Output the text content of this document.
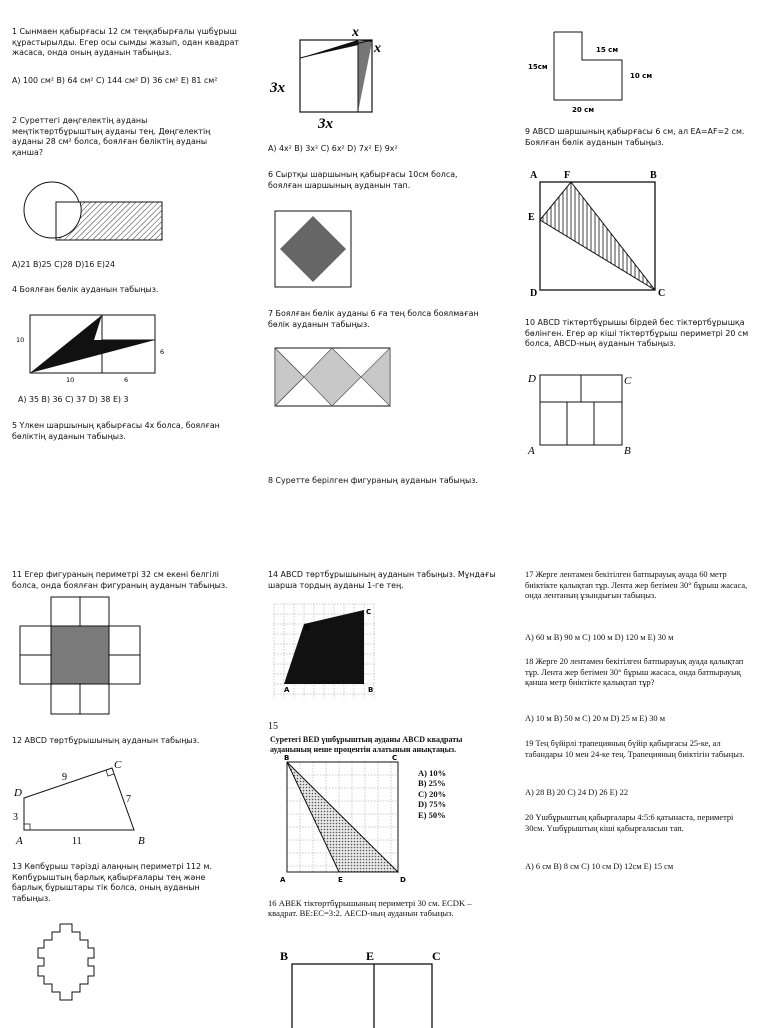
1 Сынмаен қабырғасы 12 см теңқабырғалы үшбұрыш құрастырылды. Егер осы сымды жазып, одан квадрат жасаса, онда оның ауданын табыңыз.

А) 100 см² В) 64 см² С) 144 см² D) 36 см² Е) 81 см²

2 Суреттегі дөңгелектің ауданы меңтіктөртбұрыштың ауданы тең. Дөңгелектің ауданы 28 см² болса, боялған бөліктің ауданы қанша?

А)21 В)25 С)28 D)16 Е)24

4 Боялған бөлік ауданын табыңыз.

10
6
10	6

А) 35 В) 36 С) 37 D) 38 Е) 3

5 Үлкен шаршының қабырғасы 4х болса, боялған бөліктің ауданын табыңыз.

11 Егер фигураның периметрі 32 см екені белгілі болса, онда боялған фигураның ауданын табыңыз.

12 АВСD төртбұрышының ауданын табыңыз.

D
C
A	B
9
7
3
11

13 Көпбұрыш тәрізді алаңның периметрі 112 м. Көпбұрыштың барлық қабырғалары тең және барлық бұрыштары тік болса, оның ауданын табыңыз.

x
x
3x
3x

А) 4x² В) 3x² С) 6x² D) 7x² Е) 9x²

6 Сыртқы шаршының қабырғасы 10см болса, боялған шаршының ауданын тап.

7 Боялған бөлік ауданы 6 ға тең болса боялмаған бөлік ауданын табыңыз.

8 Суретте берілген фигураның ауданын табыңыз.

14 АВСD төртбұрышының ауданын табыңыз. Мұндағы шарша тордың ауданы 1-ге тең.

C
D
A	B

15

Суретегі BED үшбұрыштың ауданы ABCD квадраты ауданының неше процентін алатынын анықтаңыз.

B	C
A	E	D
A) 10%
B) 25%
C) 20%
D) 75%
E) 50%

16 АВЕК тіктөртбұрышының периметрі 30 см. ЕСDK – квадрат. ВЕ:ЕС=3:2. АЕСD-ның ауданын табыңыз.

B	E	C
15 см
15см
10 см
20 см

9 АВСD шаршының қабырғасы 6 см, ал EA=AF=2 см. Боялған бөлік ауданын табыңыз.

A	F	B
E
D	C

10 АВСD тіктөртбұрышы бірдей бес тіктөртбұрышқа бөлінген. Егер әр кіші тіктөртбұрыш периметрі 20 см болса, АВСD-ның ауданын табыңыз.

D	C
A	B

17 Жерге лентамен бекітілген батпырауық ауада 60 метр биіктікте қалықтап тұр. Лента жер бетімен 30° бұрыш жасаса, онда лентаның ұзындығын табыңыз.

А) 60 м В) 90 м С) 100 м D) 120 м Е) 30 м

18 Жерге 20 лентамен бекітілген батпырауық ауада қалықтап тұр. Лента жер бетімен 30° бұрыш жасаса, онда батпырауық қанша метр биіктікте қалықтап тұр?

А) 10 м В) 50 м С) 20 м D) 25 м Е) 30 м

19 Тең бүйірлі трапецияның бүйір қабырғасы 25-ке, ал табандары 10 мен 24-ке тең. Трапецияның биіктігін табыңыз.

А) 28 В) 20 С) 24 D) 26 Е) 22

20 Үшбұрыштың қабырғалары 4:5:6 қатынаста, периметрі 30см. Үшбұрыштың кіші қабырғаласын тап.

А) 6 см В) 8 см С) 10 см D) 12см Е) 15 см
